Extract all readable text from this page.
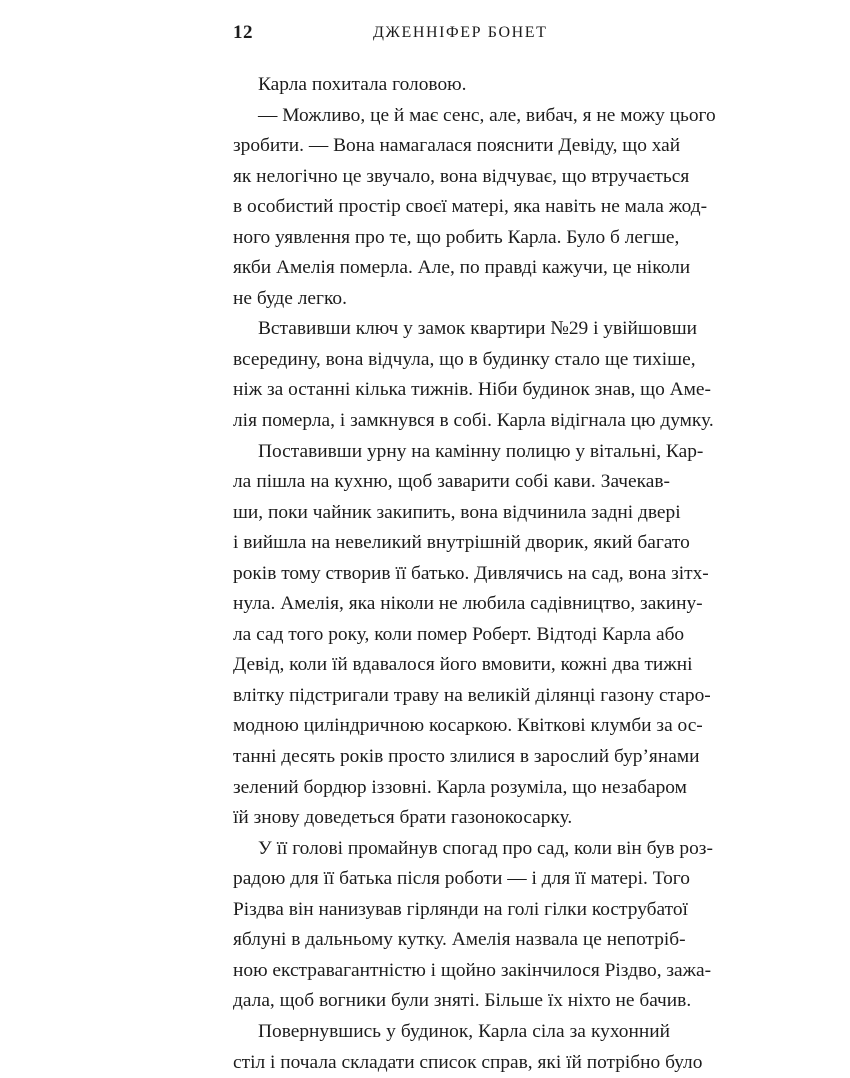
12	ДЖЕННІФЕР БОНЕТ
Карла похитала головою.
— Можливо, це й має сенс, але, вибач, я не можу цього
зробити. — Вона намагалася пояснити Девіду, що хай
як нелогічно це звучало, вона відчуває, що втручається
в особистий простір своєї матері, яка навіть не мала жод-
ного уявлення про те, що робить Карла. Було б легше,
якби Амелія померла. Але, по правді кажучи, це ніколи
не буде легко.
Вставивши ключ у замок квартири №29 і увійшовши
всередину, вона відчула, що в будинку стало ще тихіше,
ніж за останні кілька тижнів. Ніби будинок знав, що Аме-
лія померла, і замкнувся в собі. Карла відігнала цю думку.
Поставивши урну на камінну полицю у вітальні, Кар-
ла пішла на кухню, щоб заварити собі кави. Зачекав-
ши, поки чайник закипить, вона відчинила задні двері
і вийшла на невеликий внутрішній дворик, який багато
років тому створив її батько. Дивлячись на сад, вона зітх-
нула. Амелія, яка ніколи не любила садівництво, закину-
ла сад того року, коли помер Роберт. Відтоді Карла або
Девід, коли їй вдавалося його вмовити, кожні два тижні
влітку підстригали траву на великій ділянці газону старо-
модною циліндричною косаркою. Квіткові клумби за ос-
танні десять років просто злилися в зарослий бур’янами
зелений бордюр іззовні. Карла розуміла, що незабаром
їй знову доведеться брати газонокосарку.
У її голові промайнув спогад про сад, коли він був роз-
радою для її батька після роботи — і для її матері. Того
Різдва він нанизував гірлянди на голі гілки кострубатої
яблуні в дальньому кутку. Амелія назвала це непотріб-
ною екстравагантністю і щойно закінчилося Різдво, зажа-
дала, щоб вогники були зняті. Більше їх ніхто не бачив.
Повернувшись у будинок, Карла сіла за кухонний
стіл і почала складати список справ, які їй потрібно було
